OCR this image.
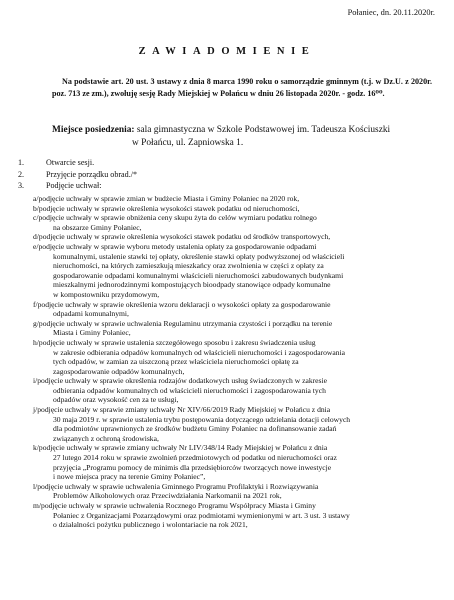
Połaniec, dn. 20.11.2020r.
ZAWIADOMIENIE
Na podstawie art. 20 ust. 3 ustawy z dnia 8 marca 1990 roku o samorządzie gminnym (t.j. w Dz.U. z 2020r. poz. 713 ze zm.), zwołuję sesję Rady Miejskiej w Połańcu w dniu 26 listopada 2020r. - godz. 16⁰⁰.
Miejsce posiedzenia: sala gimnastyczna w Szkole Podstawowej im. Tadeusza Kościuszki
w Połańcu, ul. Zapniowska 1.
1.	Otwarcie sesji.
2.	Przyjęcie porządku obrad./*
3.	Podjęcie uchwał:
a/podjęcie uchwały w sprawie zmian w budżecie Miasta i Gminy Połaniec na 2020 rok,
b/podjęcie uchwały w sprawie określenia wysokości stawek podatku od nieruchomości,
c/podjęcie uchwały w sprawie obniżenia ceny skupu żyta do celów wymiaru podatku rolnego
na obszarze Gminy Połaniec,
d/podjęcie uchwały w sprawie określenia wysokości stawek podatku od środków transportowych,
e/podjęcie uchwały w sprawie wyboru metody ustalenia opłaty za gospodarowanie odpadami
komunalnymi, ustalenie stawki tej opłaty, określenie stawki opłaty podwyższonej od właścicieli
nieruchomości, na których zamieszkują mieszkańcy oraz zwolnienia w części z opłaty za
gospodarowanie odpadami komunalnymi właścicieli nieruchomości zabudowanych budynkami
mieszkalnymi jednorodzinnymi kompostujących bioodpady stanowiące odpady komunalne
w kompostowniku przydomowym,
f/podjęcie uchwały w sprawie określenia wzoru deklaracji o wysokości opłaty za gospodarowanie
odpadami komunalnymi,
g/podjęcie uchwały w sprawie uchwalenia Regulaminu utrzymania czystości i porządku na terenie
Miasta i Gminy Połaniec,
h/podjęcie uchwały w sprawie ustalenia szczegółowego sposobu i zakresu świadczenia usług
w zakresie odbierania odpadów komunalnych od właścicieli nieruchomości i zagospodarowania
tych odpadów, w zamian za uiszczoną przez właściciela nieruchomości opłatę za
zagospodarowanie odpadów komunalnych,
i/podjęcie uchwały w sprawie określenia rodzajów dodatkowych usług świadczonych w zakresie
odbierania odpadów komunalnych od właścicieli nieruchomości i zagospodarowania tych
odpadów oraz wysokość cen za te usługi,
j/podjęcie uchwały w sprawie zmiany uchwały Nr XIV/66/2019 Rady Miejskiej w Połańcu z dnia
30 maja 2019 r. w sprawie ustalenia trybu postępowania dotyczącego udzielania dotacji celowych
dla podmiotów uprawnionych ze środków budżetu Gminy Połaniec na dofinansowanie zadań
związanych z ochroną środowiska,
k/podjęcie uchwały w sprawie zmiany uchwały Nr LIV/348/14 Rady Miejskiej w Połańcu z dnia
27 lutego 2014 roku w sprawie zwolnień przedmiotowych od podatku od nieruchomości oraz
przyjęcia „Programu pomocy de minimis dla przedsiębiorców tworzących nowe inwestycje
i nowe miejsca pracy na terenie Gminy Połaniec”,
l/podjęcie uchwały w sprawie uchwalenia Gminnego Programu Profilaktyki i Rozwiązywania
Problemów Alkoholowych oraz Przeciwdziałania Narkomanii na 2021 rok,
m/podjęcie uchwały w sprawie uchwalenia Rocznego Programu Współpracy Miasta i Gminy
Połaniec z Organizacjami Pozarządowymi oraz podmiotami wymienionymi w art. 3 ust. 3 ustawy
o działalności pożytku publicznego i wolontariacie na rok 2021,
